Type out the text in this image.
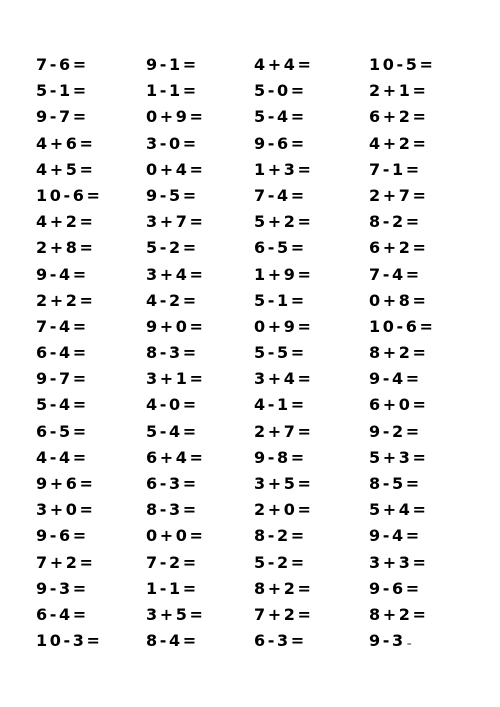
7-6=	9-1=	4+4=	10-5=
5-1=	1-1=	5-0=	2+1=
9-7=	0+9=	5-4=	6+2=
4+6=	3-0=	9-6=	4+2=
4+5=	0+4=	1+3=	7-1=
10-6=	9-5=	7-4=	2+7=
4+2=	3+7=	5+2=	8-2=
2+8=	5-2=	6-5=	6+2=
9-4=	3+4=	1+9=	7-4=
2+2=	4-2=	5-1=	0+8=
7-4=	9+0=	0+9=	10-6=
6-4=	8-3=	5-5=	8+2=
9-7=	3+1=	3+4=	9-4=
5-4=	4-0=	4-1=	6+0=
6-5=	5-4=	2+7=	9-2=
4-4=	6+4=	9-8=	5+3=
9+6=	6-3=	3+5=	8-5=
3+0=	8-3=	2+0=	5+4=
9-6=	0+0=	8-2=	9-4=
7+2=	7-2=	5-2=	3+3=
9-3=	1-1=	8+2=	9-6=
6-4=	3+5=	7+2=	8+2=
10-3=	8-4=	6-3=	9-3=
